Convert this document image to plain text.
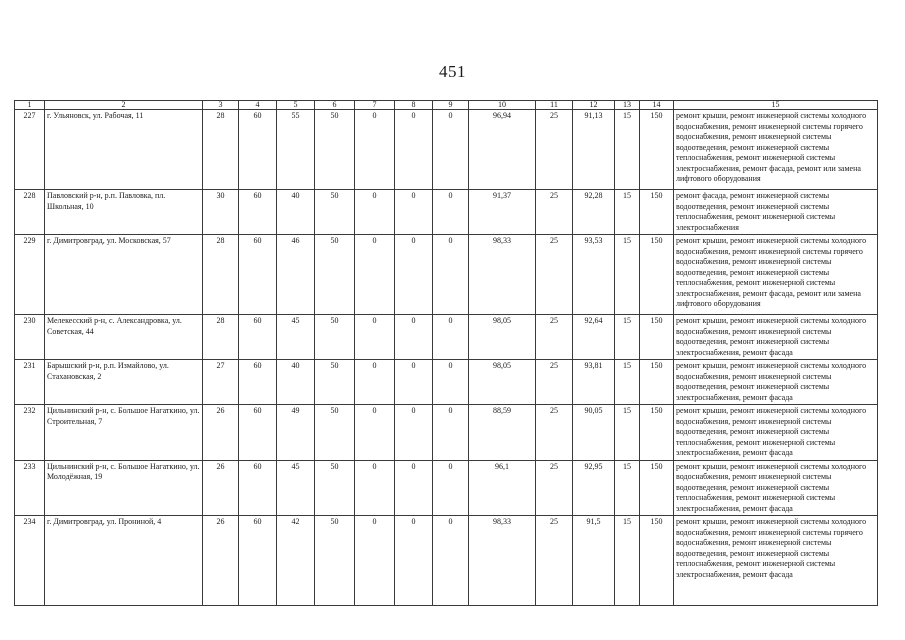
451
1	2	3	4	5	6	7	8	9	10	11	12	13	14	15
227	г. Ульяновск, ул. Рабочая, 11	28	60	55	50	0	0	0	96,94	25	91,13	15	150	ремонт крыши, ремонт инженерной системы холодного водоснабжения, ремонт инженерной системы горячего водоснабжения, ремонт инженерной системы водоотведения, ремонт инженерной системы теплоснабжения, ремонт инженерной системы электроснабжения, ремонт фасада, ремонт или замена лифтового оборудования
228	Павловский р-н, р.п. Павловка, пл. Школьная, 10	30	60	40	50	0	0	0	91,37	25	92,28	15	150	ремонт фасада, ремонт инженерной системы водоотведения, ремонт инженерной системы теплоснабжения, ремонт инженерной системы электроснабжения
229	г. Димитровград, ул. Московская, 57	28	60	46	50	0	0	0	98,33	25	93,53	15	150	ремонт крыши, ремонт инженерной системы холодного водоснабжения, ремонт инженерной системы горячего водоснабжения, ремонт инженерной системы водоотведения, ремонт инженерной системы теплоснабжения, ремонт инженерной системы электроснабжения, ремонт фасада, ремонт или замена лифтового оборудования
230	Мелекесский р-н, с. Александровка, ул. Советская, 44	28	60	45	50	0	0	0	98,05	25	92,64	15	150	ремонт крыши, ремонт инженерной системы холодного водоснабжения, ремонт инженерной системы водоотведения, ремонт инженерной системы электроснабжения, ремонт фасада
231	Барышский р-н, р.п. Измайлово, ул. Стахановская, 2	27	60	40	50	0	0	0	98,05	25	93,81	15	150	ремонт крыши, ремонт инженерной системы холодного водоснабжения, ремонт инженерной системы водоотведения, ремонт инженерной системы электроснабжения, ремонт фасада
232	Цильнинский р-н, с. Большое Нагаткино, ул. Строительная, 7	26	60	49	50	0	0	0	88,59	25	90,05	15	150	ремонт крыши, ремонт инженерной системы холодного водоснабжения, ремонт инженерной системы водоотведения, ремонт инженерной системы теплоснабжения, ремонт инженерной системы электроснабжения, ремонт фасада
233	Цильнинский р-н, с. Большое Нагаткино, ул. Молодёжная, 19	26	60	45	50	0	0	0	96,1	25	92,95	15	150	ремонт крыши, ремонт инженерной системы холодного водоснабжения, ремонт инженерной системы водоотведения, ремонт инженерной системы теплоснабжения, ремонт инженерной системы электроснабжения, ремонт фасада
234	г. Димитровград, ул. Прониной, 4	26	60	42	50	0	0	0	98,33	25	91,5	15	150	ремонт крыши, ремонт инженерной системы холодного водоснабжения, ремонт инженерной системы горячего водоснабжения, ремонт инженерной системы водоотведения, ремонт инженерной системы теплоснабжения, ремонт инженерной системы электроснабжения, ремонт фасада
